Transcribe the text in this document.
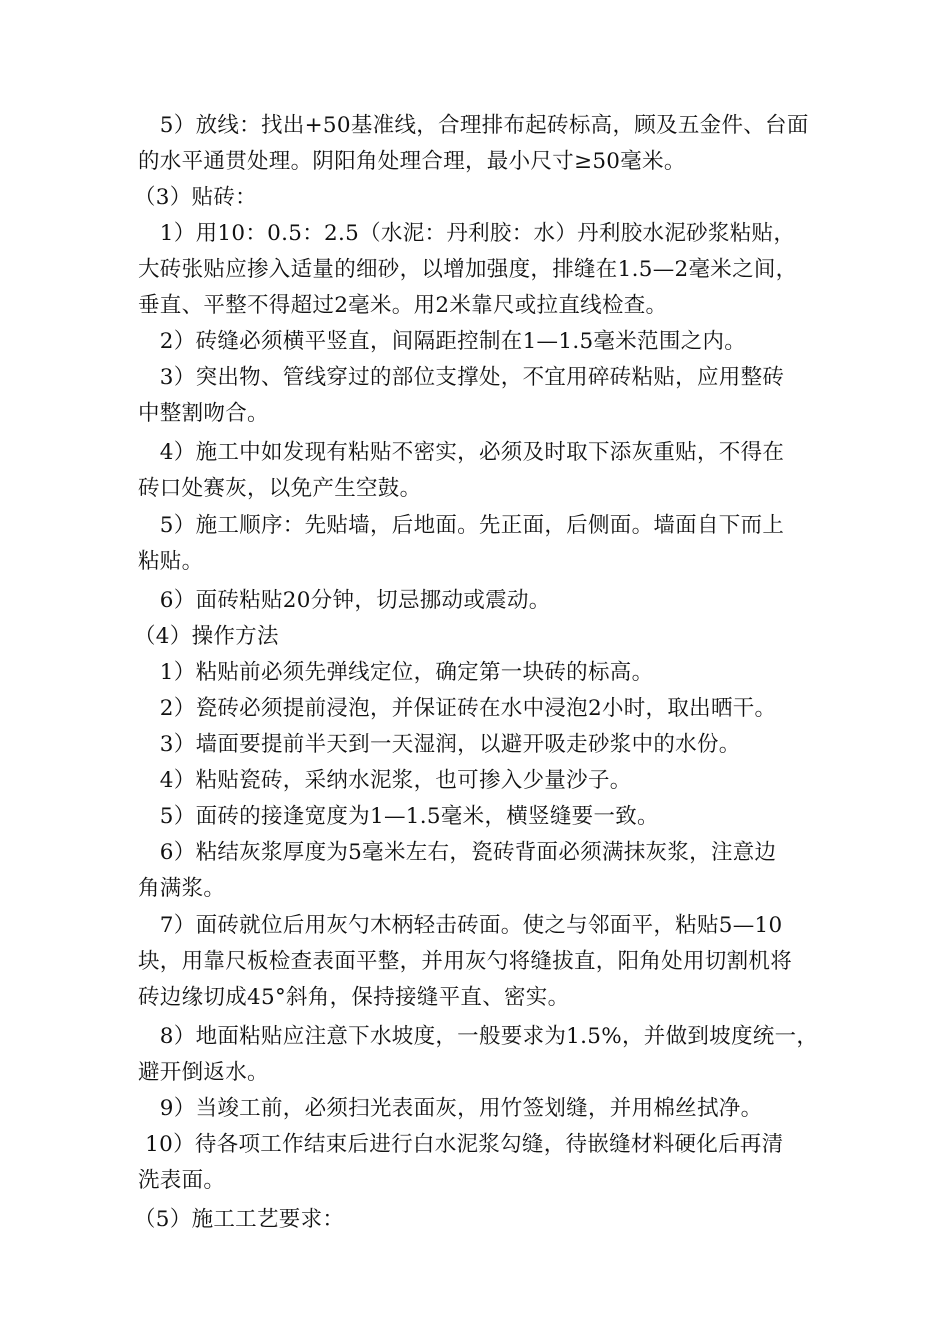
　5）放线：找出+50基准线，合理排布起砖标高，顾及五金件、台面
的水平通贯处理。阴阳角处理合理，最小尺寸≥50毫米。
（3）贴砖：
　1）用10：0.5：2.5（水泥：丹利胶：水）丹利胶水泥砂浆粘贴，
大砖张贴应掺入适量的细砂，以增加强度，排缝在1.5—2毫米之间，
垂直、平整不得超过2毫米。用2米靠尺或拉直线检查。
　2）砖缝必须横平竖直，间隔距控制在1—1.5毫米范围之内。
　3）突出物、管线穿过的部位支撑处，不宜用碎砖粘贴，应用整砖
中整割吻合。
　4）施工中如发现有粘贴不密实，必须及时取下添灰重贴，不得在
砖口处赛灰，以免产生空鼓。
　5）施工顺序：先贴墙，后地面。先正面，后侧面。墙面自下而上
粘贴。
　6）面砖粘贴20分钟，切忌挪动或震动。
（4）操作方法
　1）粘贴前必须先弹线定位，确定第一块砖的标高。
　2）瓷砖必须提前浸泡，并保证砖在水中浸泡2小时，取出晒干。
　3）墙面要提前半天到一天湿润，以避开吸走砂浆中的水份。
　4）粘贴瓷砖，采纳水泥浆，也可掺入少量沙子。
　5）面砖的接逢宽度为1—1.5毫米，横竖缝要一致。
　6）粘结灰浆厚度为5毫米左右，瓷砖背面必须满抹灰浆，注意边
角满浆。
　7）面砖就位后用灰勺木柄轻击砖面。使之与邻面平，粘贴5—10
块，用靠尺板检查表面平整，并用灰勺将缝拔直，阳角处用切割机将
砖边缘切成45°斜角，保持接缝平直、密实。
　8）地面粘贴应注意下水坡度，一般要求为1.5%，并做到坡度统一，
避开倒返水。
　9）当竣工前，必须扫光表面灰，用竹签划缝，并用棉丝拭净。
10）待各项工作结束后进行白水泥浆勾缝，待嵌缝材料硬化后再清
洗表面。
（5）施工工艺要求：
